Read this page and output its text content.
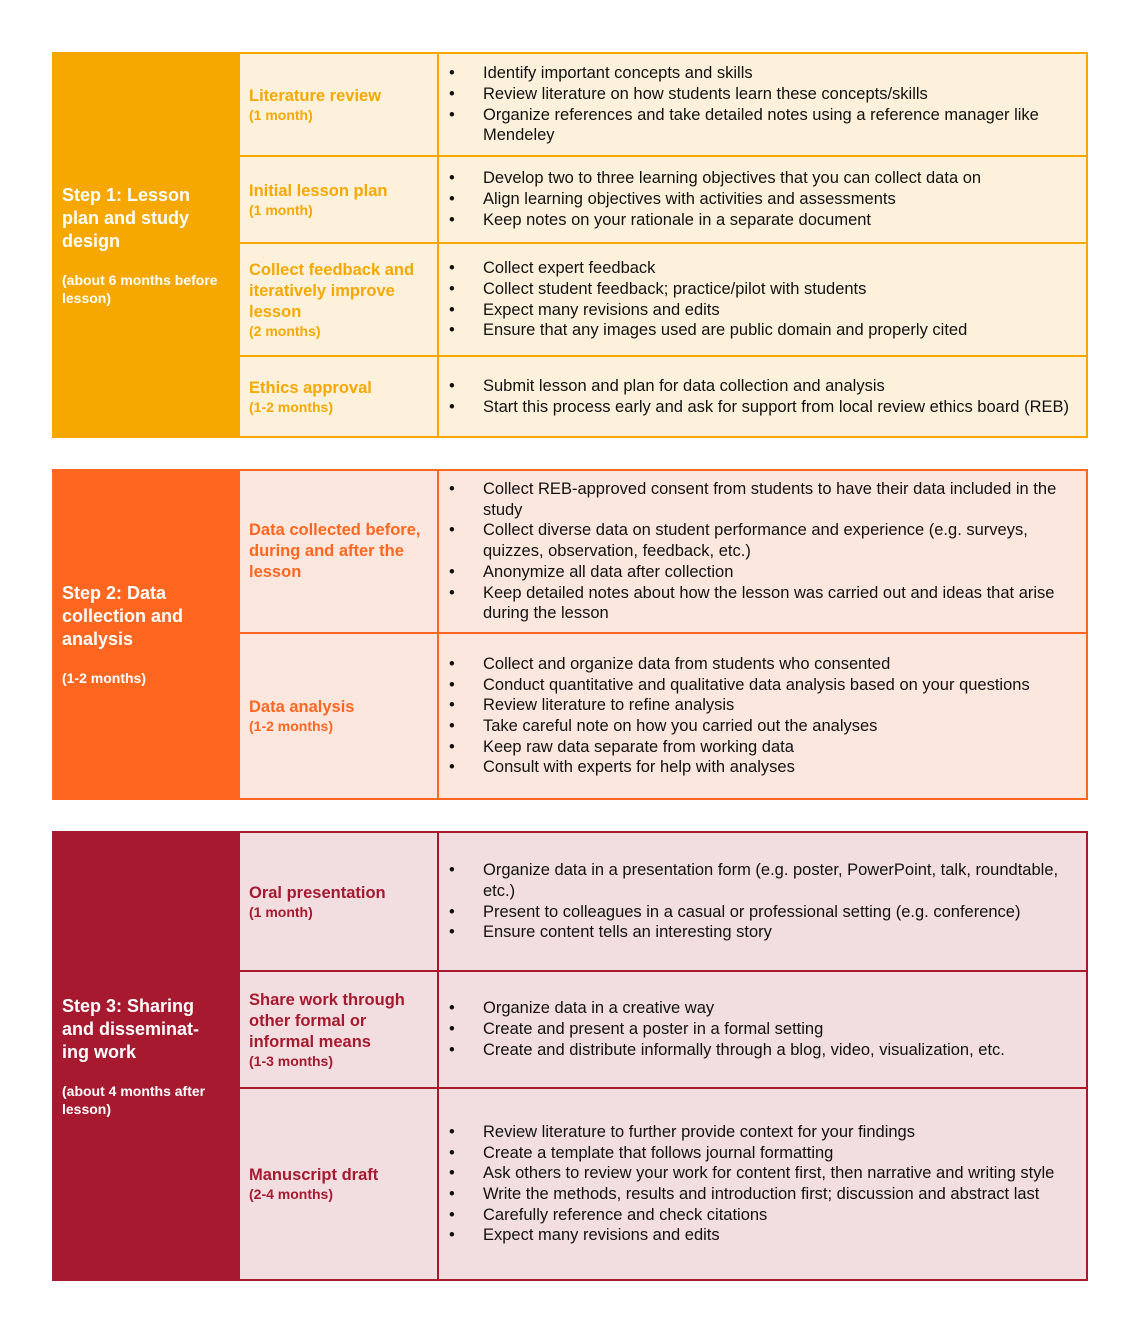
Step 1: Lesson plan and study design
(about 6 months before lesson)
Literature review
(1 month)
• Identify important concepts and skills
• Review literature on how students learn these concepts/skills
• Organize references and take detailed notes using a reference manager like Mendeley
Initial lesson plan
(1 month)
• Develop two to three learning objectives that you can collect data on
• Align learning objectives with activities and assessments
• Keep notes on your rationale in a separate document
Collect feedback and iteratively improve lesson
(2 months)
• Collect expert feedback
• Collect student feedback; practice/pilot with students
• Expect many revisions and edits
• Ensure that any images used are public domain and properly cited
Ethics approval
(1-2 months)
• Submit lesson and plan for data collection and analysis
• Start this process early and ask for support from local review ethics board (REB)
Step 2: Data collection and analysis
(1-2 months)
Data collected before, during and after the lesson
• Collect REB-approved consent from students to have their data included in the study
• Collect diverse data on student performance and experience (e.g. surveys, quizzes, observation, feedback, etc.)
• Anonymize all data after collection
• Keep detailed notes about how the lesson was carried out and ideas that arise during the lesson
Data analysis
(1-2 months)
• Collect and organize data from students who consented
• Conduct quantitative and qualitative data analysis based on your questions
• Review literature to refine analysis
• Take careful note on how you carried out the analyses
• Keep raw data separate from working data
• Consult with experts for help with analyses
Step 3: Sharing and disseminat- ing work
(about 4 months after lesson)
Oral presentation
(1 month)
• Organize data in a presentation form (e.g. poster, PowerPoint, talk, roundtable, etc.)
• Present to colleagues in a casual or professional setting (e.g. conference)
• Ensure content tells an interesting story
Share work through other formal or informal means
(1-3 months)
• Organize data in a creative way
• Create and present a poster in a formal setting
• Create and distribute informally through a blog, video, visualization, etc.
Manuscript draft
(2-4 months)
• Review literature to further provide context for your findings
• Create a template that follows journal formatting
• Ask others to review your work for content first, then narrative and writing style
• Write the methods, results and introduction first; discussion and abstract last
• Carefully reference and check citations
• Expect many revisions and edits
